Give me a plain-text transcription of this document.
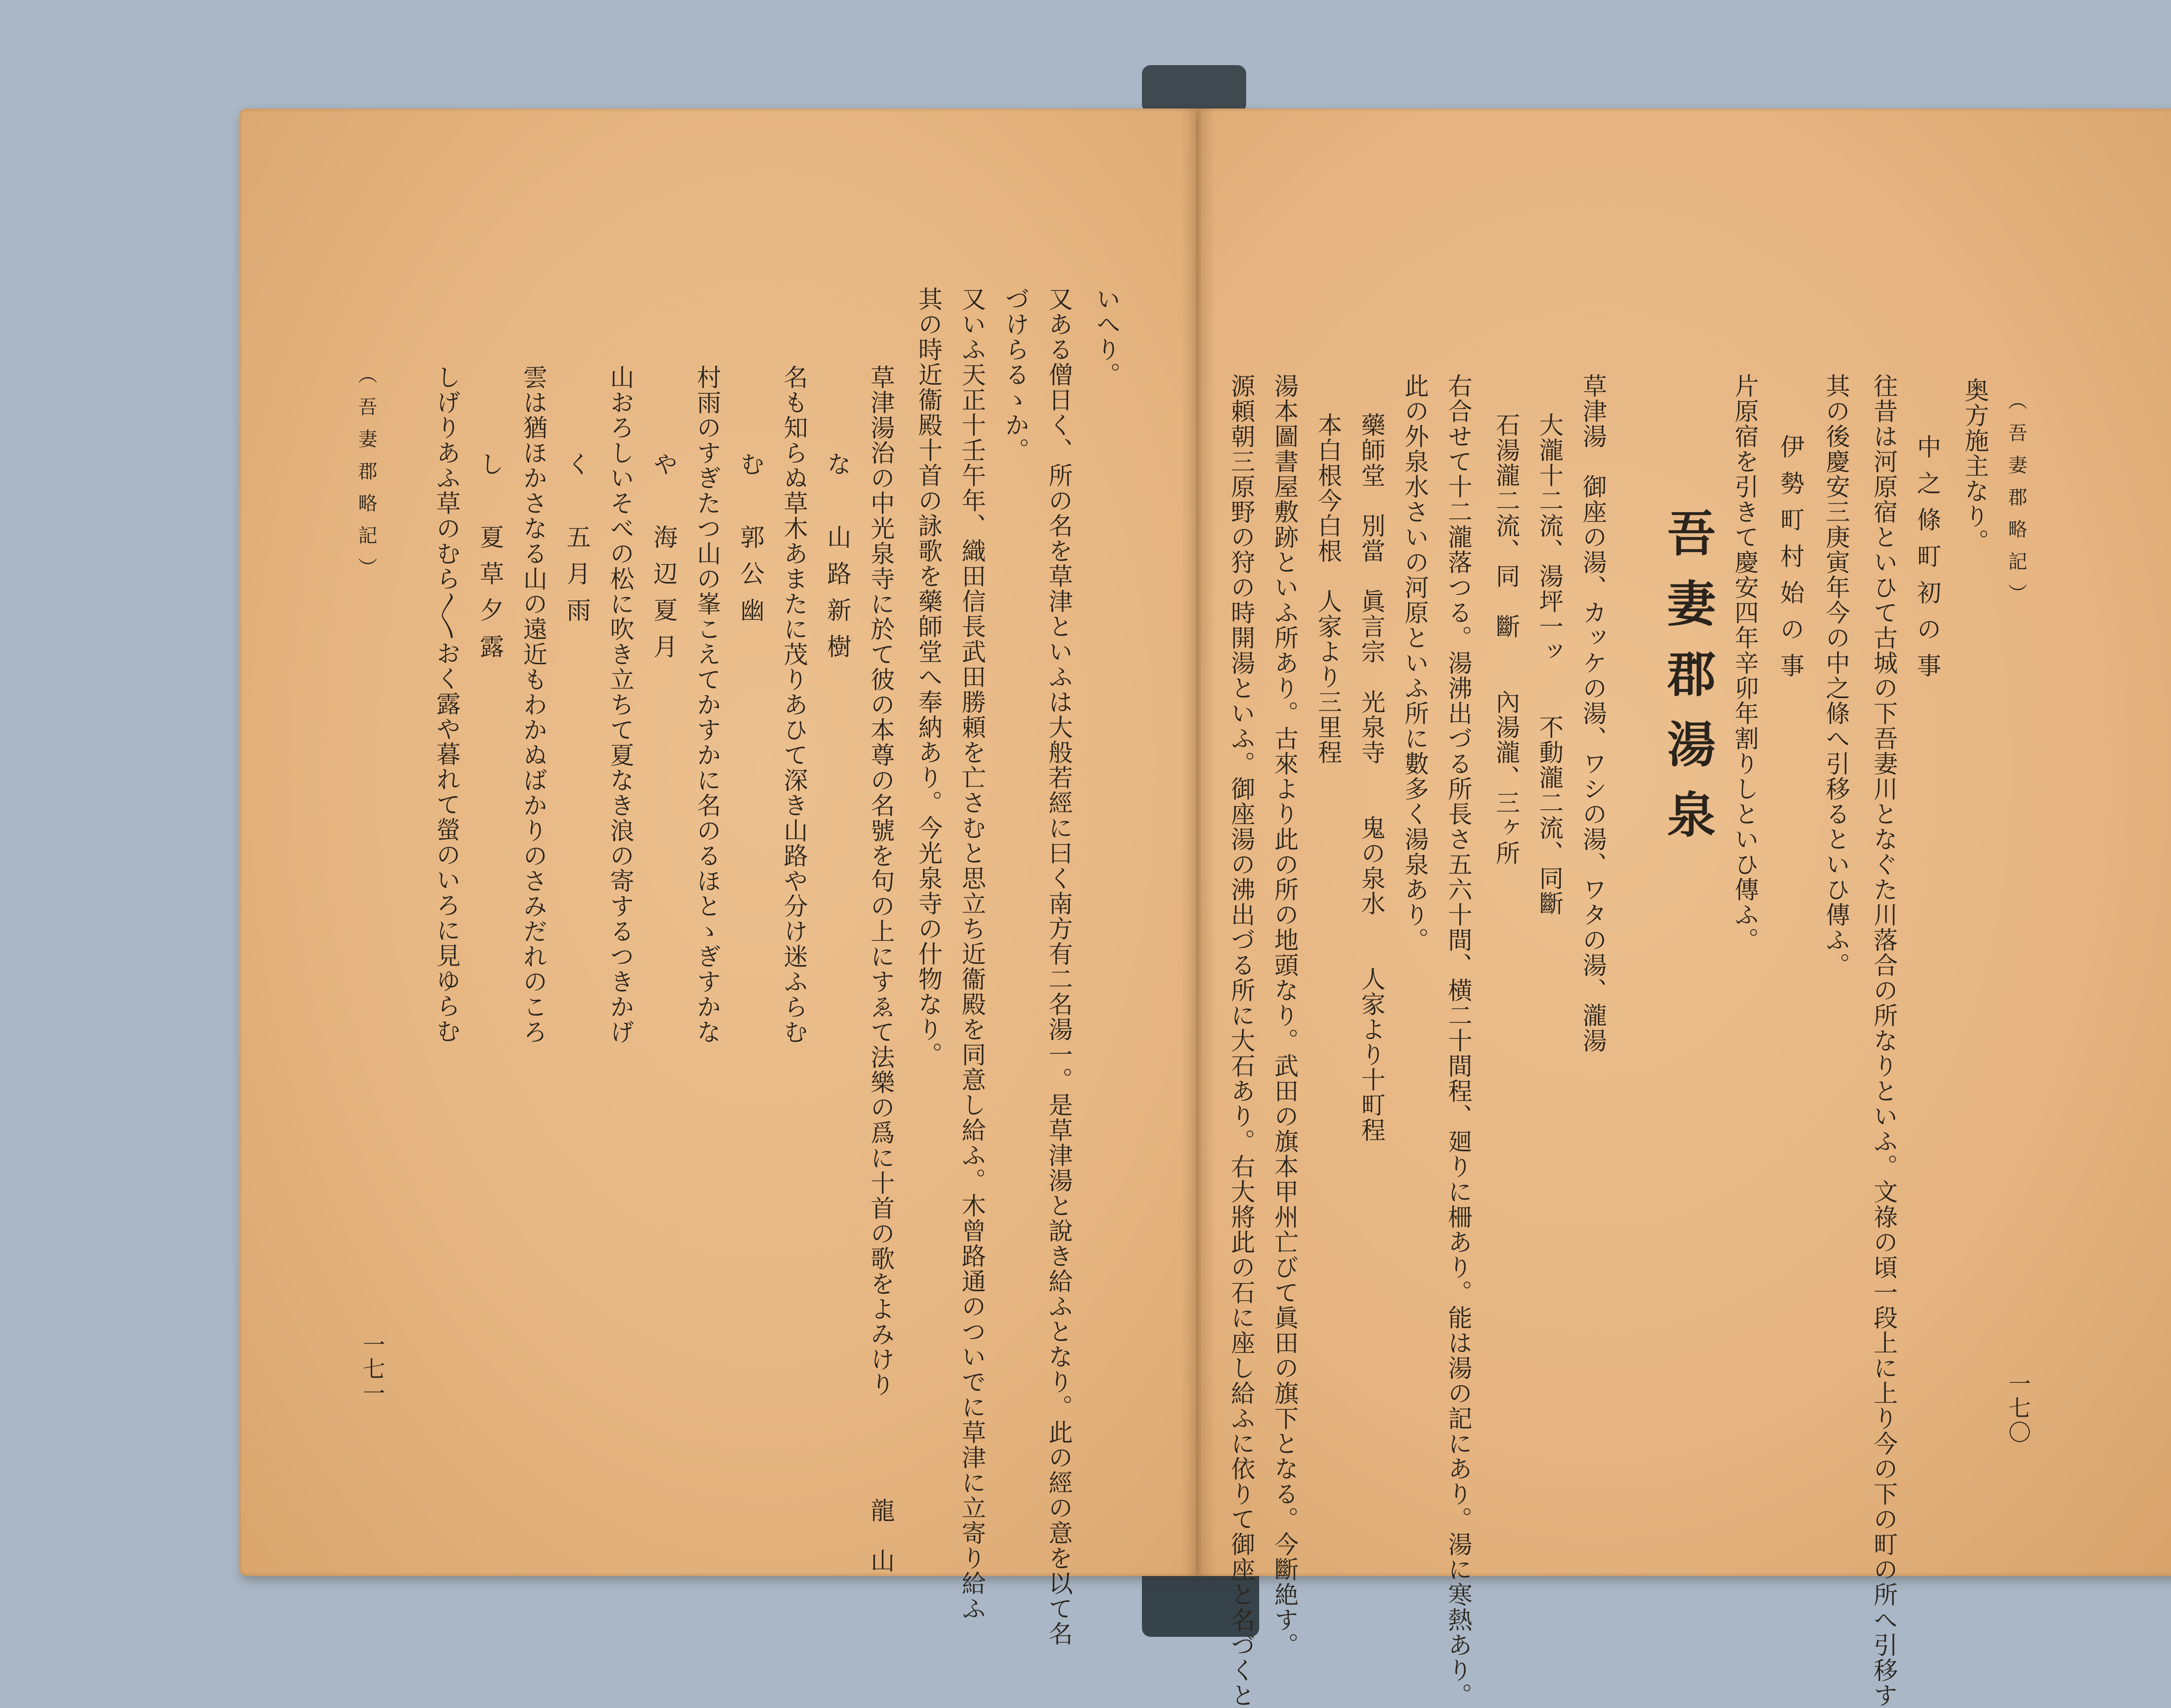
（吾妻郡略記）
奥方施主なり。
中之條町初の事
往昔は河原宿といひて古城の下吾妻川となぐた川落合の所なりといふ。文祿の頃一段上に上り今の下の町の所へ引移す
其の後慶安三庚寅年今の中之條へ引移るといひ傳ふ。
伊勢町村始の事
片原宿を引きて慶安四年辛卯年割りしといひ傳ふ。
吾妻郡湯泉
草津湯　御座の湯、カッケの湯、ワシの湯、ワタの湯、瀧湯
大瀧十二流、湯坪一ッ　　不動瀧二流、同斷
石湯瀧二流、同　斷　　內湯瀧、三ヶ所
右合せて十二瀧落つる。湯沸出づる所長さ五六十間、横二十間程、廻りに柵あり。能は湯の記にあり。湯に寒熱あり。
此の外泉水さいの河原といふ所に數多く湯泉あり。
藥師堂　別當　眞言宗　光泉寺　　鬼の泉水　　人家より十町程
本白根今白根　人家より三里程
湯本圖書屋敷跡といふ所あり。古來より此の所の地頭なり。武田の旗本甲州亡びて眞田の旗下となる。今斷絶す。
源頼朝三原野の狩の時開湯といふ。御座湯の沸出づる所に大石あり。右大將此の石に座し給ふに依りて御座と名づくと	一七〇
いへり。
又ある僧日く、所の名を草津といふは大般若經に曰く南方有二名湯一。是草津湯と說き給ふとなり。此の經の意を以て名
づけらるゝか。
又いふ天正十壬午年、織田信長武田勝頼を亡さむと思立ち近衞殿を同意し給ふ。木曾路通のついでに草津に立寄り給ふ
其の時近衞殿十首の詠歌を藥師堂へ奉納あり。今光泉寺の什物なり。
草津湯治の中光泉寺に於て彼の本尊の名號を句の上にすゑて法樂の爲に十首の歌をよみけり　　　　龍　山
な　山路新樹
名も知らぬ草木あまたに茂りあひて深き山路や分け迷ふらむ
む　郭公幽
村雨のすぎたつ山の峯こえてかすかに名のるほとゝぎすかな
や　海辺夏月
山おろしいそべの松に吹き立ちて夏なき浪の寄するつきかげ
く　五月雨
雲は猶ほかさなる山の遠近もわかぬばかりのさみだれのころ
し　夏草夕露
しげりあふ草のむら〳〵おく露や暮れて螢のいろに見ゆらむ
（吾妻郡略記）
一七一
